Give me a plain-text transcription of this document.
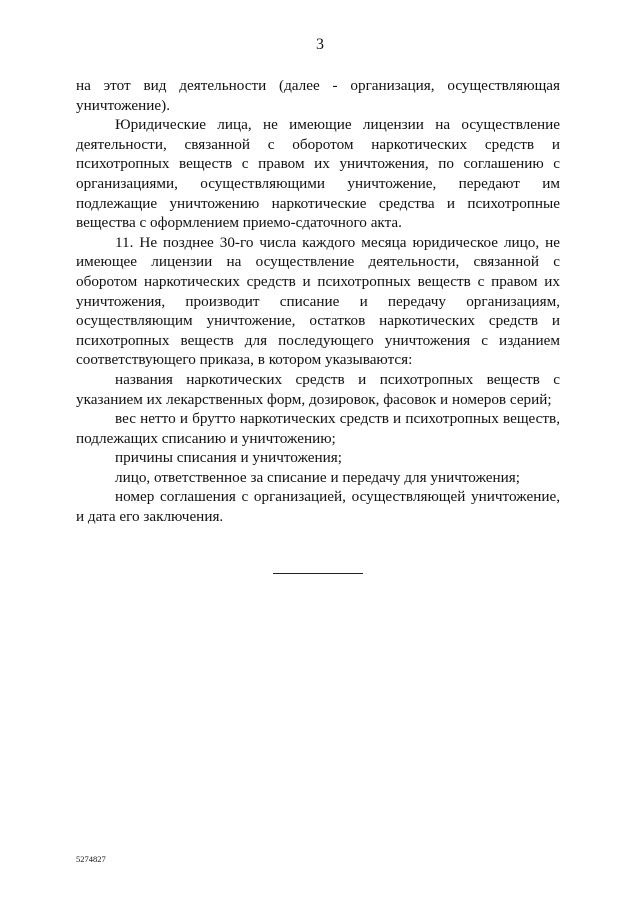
3

на этот вид деятельности (далее - организация, осуществляющая уничтожение).

Юридические лица, не имеющие лицензии на осуществление деятельности, связанной с оборотом наркотических средств и психотропных веществ с правом их уничтожения, по соглашению с организациями, осуществляющими уничтожение, передают им подлежащие уничтожению наркотические средства и психотропные вещества с оформлением приемо-сдаточного акта.

11. Не позднее 30-го числа каждого месяца юридическое лицо, не имеющее лицензии на осуществление деятельности, связанной с оборотом наркотических средств и психотропных веществ с правом их уничтожения, производит списание и передачу организациям, осуществляющим уничтожение, остатков наркотических средств и психотропных веществ для последующего уничтожения с изданием соответствующего приказа, в котором указываются:

названия наркотических средств и психотропных веществ с указанием их лекарственных форм, дозировок, фасовок и номеров серий;

вес нетто и брутто наркотических средств и психотропных веществ, подлежащих списанию и уничтожению;

причины списания и уничтожения;

лицо, ответственное за списание и передачу для уничтожения;

номер соглашения с организацией, осуществляющей уничтожение, и дата его заключения.

5274827
